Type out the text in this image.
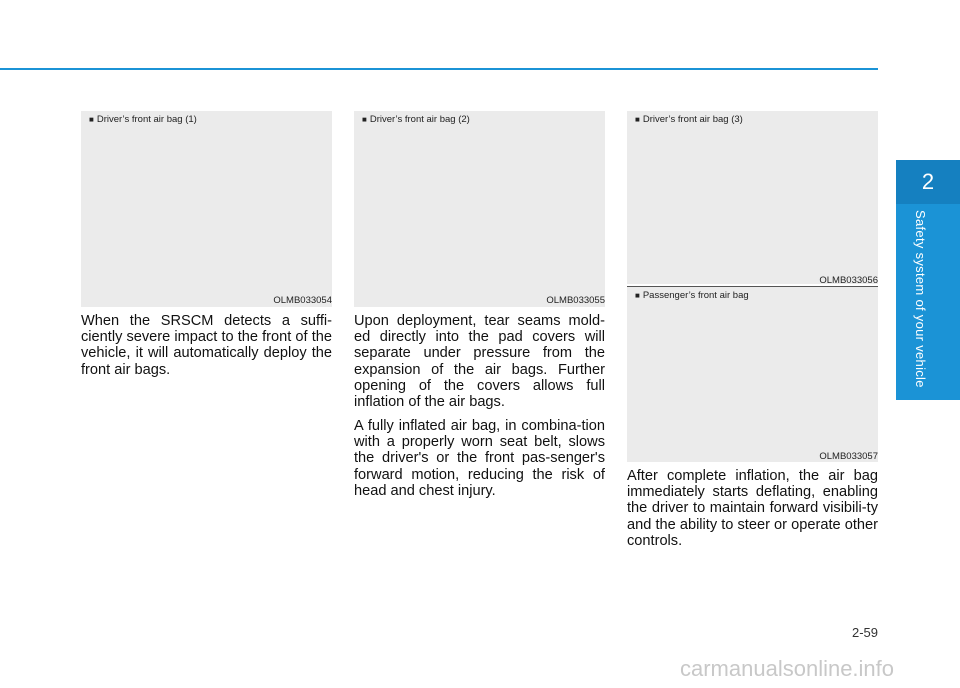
2
Safety system of your vehicle
■ Driver’s front air bag (1)
OLMB033054
■ Driver’s front air bag (2)
OLMB033055
■ Driver’s front air bag (3)
OLMB033056
■ Passenger’s front air bag
OLMB033057

When the SRSCM detects a suffi-ciently severe impact to the front of the vehicle, it will automatically deploy the front air bags.

Upon deployment, tear seams mold-ed directly into the pad covers will separate under pressure from the expansion of the air bags. Further opening of the covers allows full inflation of the air bags.

A fully inflated air bag, in combina-tion with a properly worn seat belt, slows the driver's or the front pas-senger's forward motion, reducing the risk of head and chest injury.

After complete inflation, the air bag immediately starts deflating, enabling the driver to maintain forward visibili-ty and the ability to steer or operate other controls.

2-59
carmanualsonline.info
